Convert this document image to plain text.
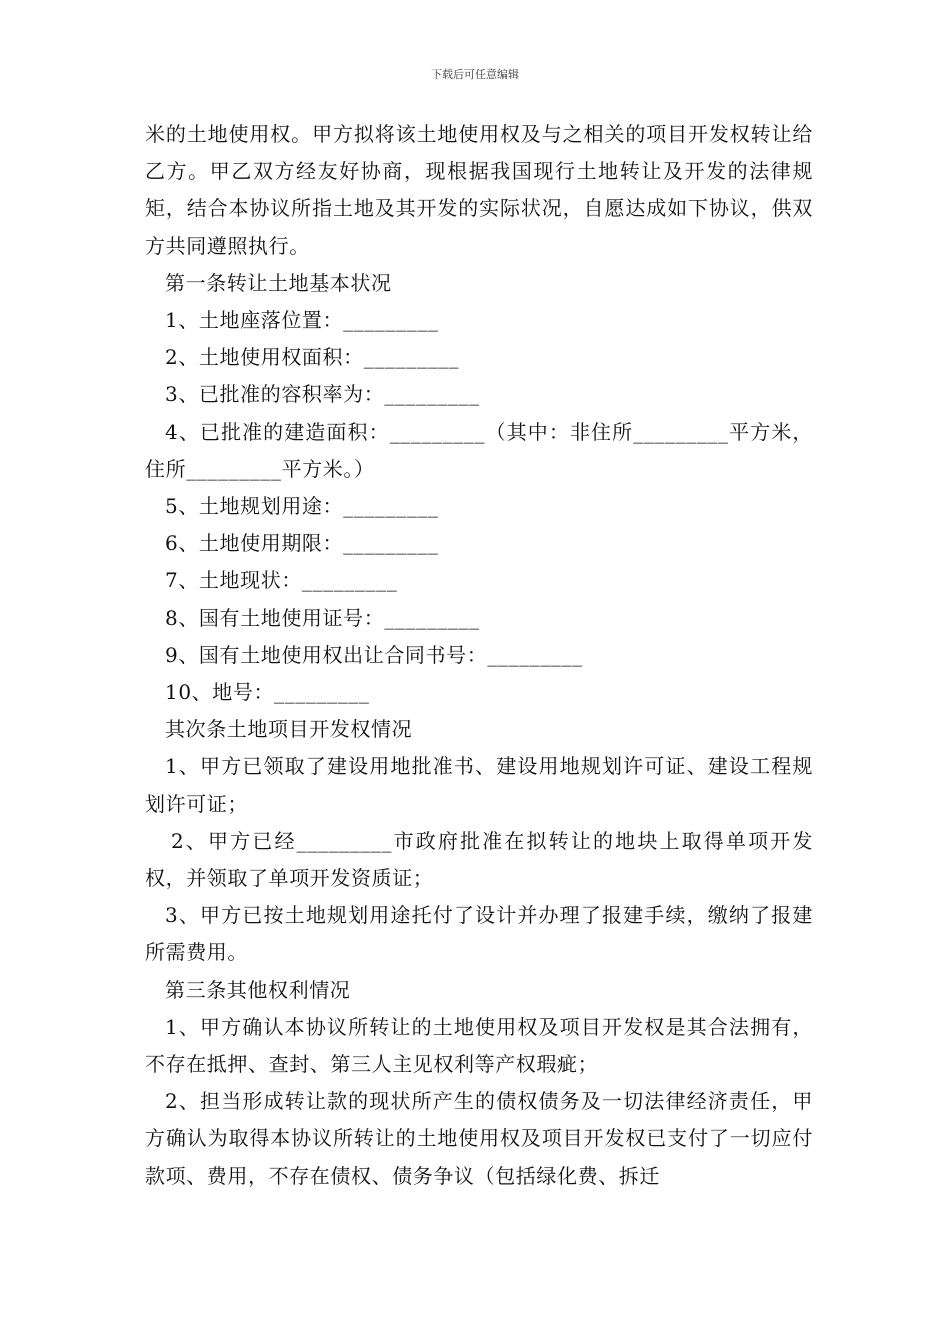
下载后可任意编辑

米的土地使用权。甲方拟将该土地使用权及与之相关的项目开发权转让给乙方。甲乙双方经友好协商，现根据我国现行土地转让及开发的法律规矩，结合本协议所指土地及其开发的实际状况，自愿达成如下协议，供双方共同遵照执行。

第一条转让土地基本状况

1、土地座落位置：_________

2、土地使用权面积：_________

3、已批准的容积率为：_________

4、已批准的建造面积：_________（其中：非住所_________平方米，住所_________平方米。）

5、土地规划用途：_________

6、土地使用期限：_________

7、土地现状：_________

8、国有土地使用证号：_________

9、国有土地使用权出让合同书号：_________

10、地号：_________

其次条土地项目开发权情况

1、甲方已领取了建设用地批准书、建设用地规划许可证、建设工程规划许可证；

2、甲方已经_________市政府批准在拟转让的地块上取得单项开发权，并领取了单项开发资质证；

3、甲方已按土地规划用途托付了设计并办理了报建手续，缴纳了报建所需费用。

第三条其他权利情况

1、甲方确认本协议所转让的土地使用权及项目开发权是其合法拥有，不存在抵押、查封、第三人主见权利等产权瑕疵；

2、担当形成转让款的现状所产生的债权债务及一切法律经济责任，甲方确认为取得本协议所转让的土地使用权及项目开发权已支付了一切应付款项、费用，不存在债权、债务争议（包括绿化费、拆迁
